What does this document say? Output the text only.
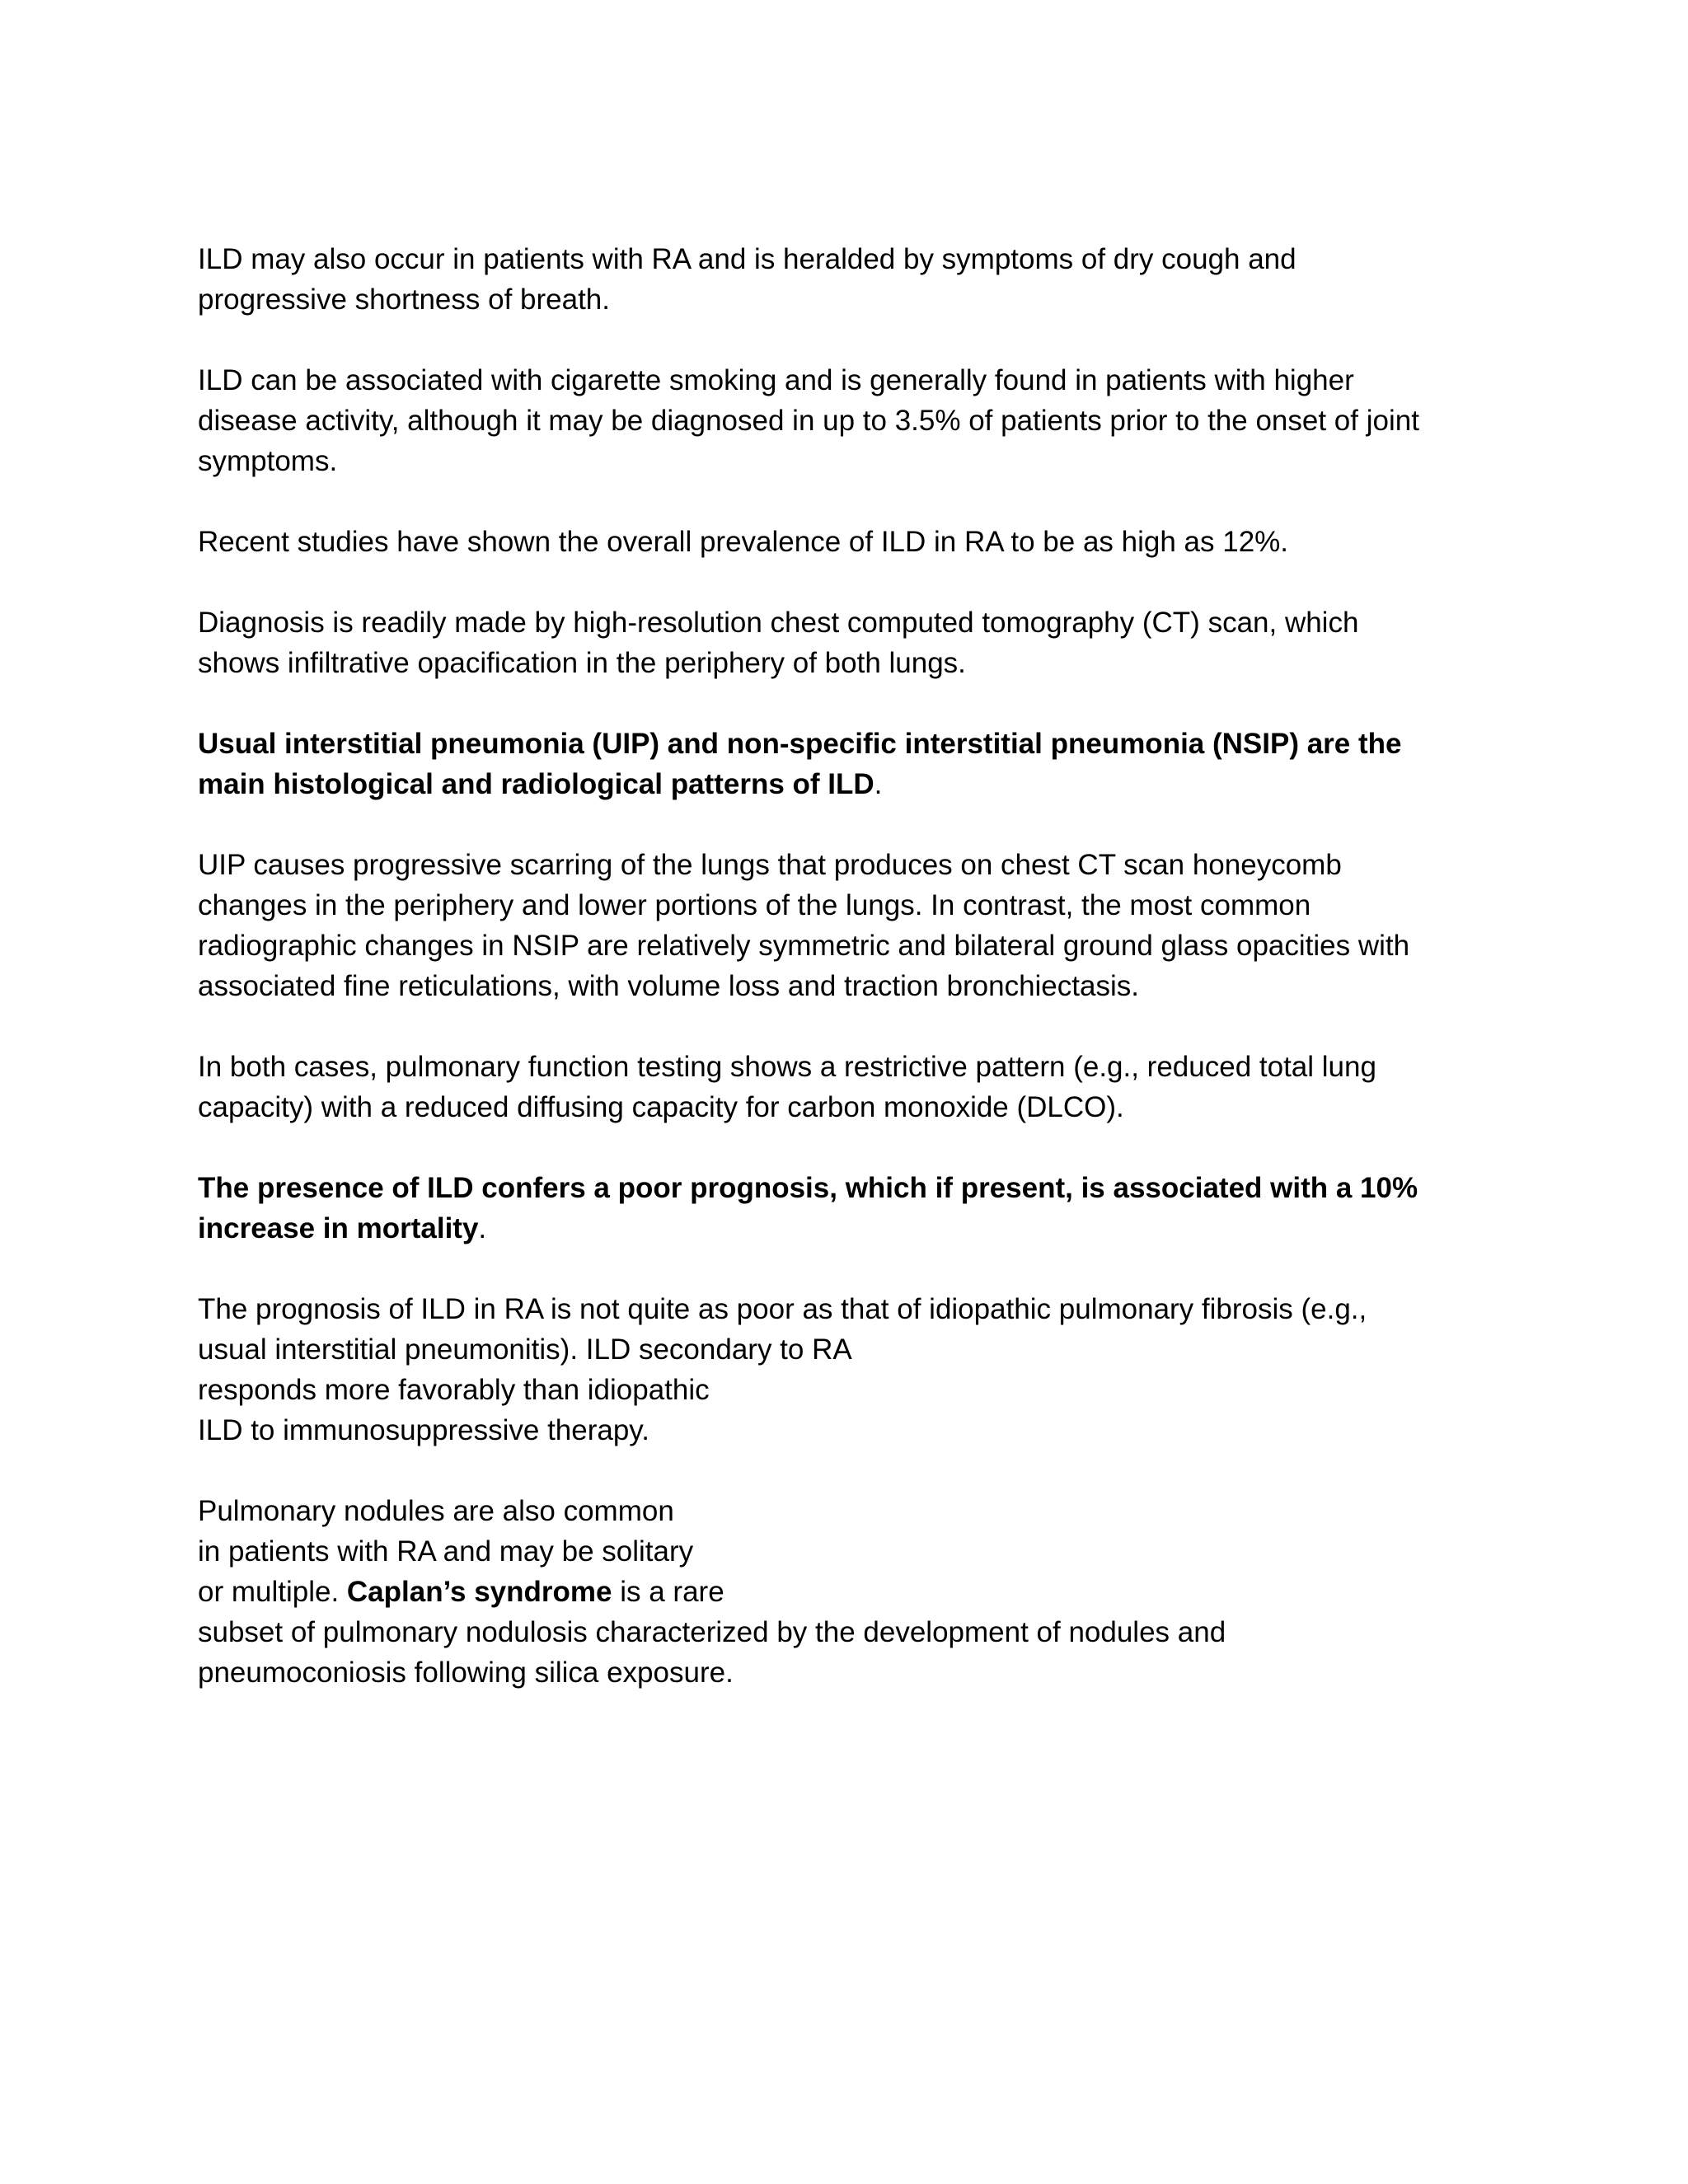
ILD may also occur in patients with RA and is heralded by symptoms of dry cough and
progressive shortness of breath.

ILD can be associated with cigarette smoking and is generally found in patients with higher
disease activity, although it may be diagnosed in up to 3.5% of patients prior to the onset of joint
symptoms.

Recent studies have shown the overall prevalence of ILD in RA to be as high as 12%.

Diagnosis is readily made by high-resolution chest computed tomography (CT) scan, which
shows infiltrative opacification in the periphery of both lungs.

Usual interstitial pneumonia (UIP) and non-specific interstitial pneumonia (NSIP) are the
main histological and radiological patterns of ILD.

UIP causes progressive scarring of the lungs that produces on chest CT scan honeycomb
changes in the periphery and lower portions of the lungs. In contrast, the most common
radiographic changes in NSIP are relatively symmetric and bilateral ground glass opacities with
associated fine reticulations, with volume loss and traction bronchiectasis.

In both cases, pulmonary function testing shows a restrictive pattern (e.g., reduced total lung
capacity) with a reduced diffusing capacity for carbon monoxide (DLCO).

The presence of ILD confers a poor prognosis, which if present, is associated with a 10%
increase in mortality.

The prognosis of ILD in RA is not quite as poor as that of idiopathic pulmonary fibrosis (e.g.,
usual interstitial pneumonitis). ILD secondary to RA
responds more favorably than idiopathic
ILD to immunosuppressive therapy.

Pulmonary nodules are also common
in patients with RA and may be solitary
or multiple. Caplan’s syndrome is a rare
subset of pulmonary nodulosis characterized by the development of nodules and
pneumoconiosis following silica exposure.
